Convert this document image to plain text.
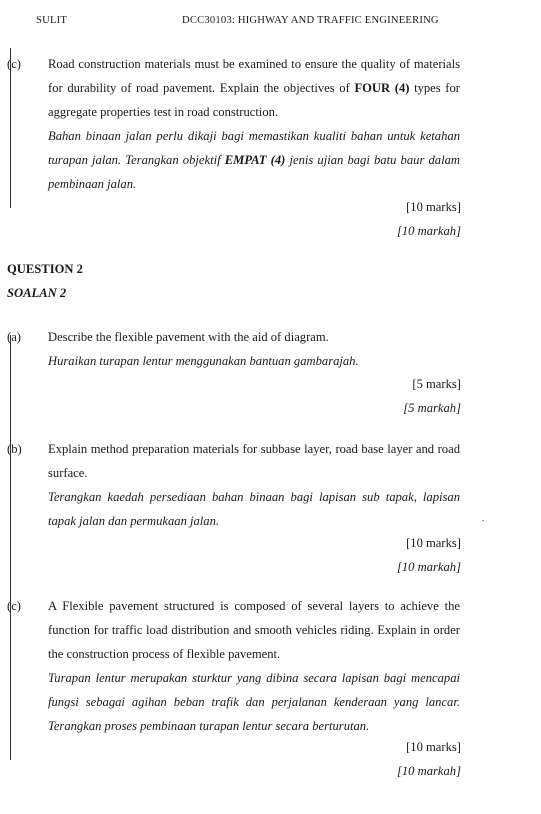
SULIT	DCC30103: HIGHWAY AND TRAFFIC ENGINEERING
(c) Road construction materials must be examined to ensure the quality of materials for durability of road pavement. Explain the objectives of FOUR (4) types for aggregate properties test in road construction.
Bahan binaan jalan perlu dikaji bagi memastikan kualiti bahan untuk ketahan turapan jalan. Terangkan objektif EMPAT (4) jenis ujian bagi batu baur dalam pembinaan jalan.
[10 marks]
[10 markah]
QUESTION 2
SOALAN 2
(a) Describe the flexible pavement with the aid of diagram.
Huraikan turapan lentur menggunakan bantuan gambarajah.
[5 marks]
[5 markah]
(b) Explain method preparation materials for subbase layer, road base layer and road surface.
Terangkan kaedah persediaan bahan binaan bagi lapisan sub tapak, lapisan tapak jalan dan permukaan jalan.
[10 marks]
[10 markah]
(c) A Flexible pavement structured is composed of several layers to achieve the function for traffic load distribution and smooth vehicles riding. Explain in order the construction process of flexible pavement.
Turapan lentur merupakan sturktur yang dibina secara lapisan bagi mencapai fungsi sebagai agihan beban trafik dan perjalanan kenderaan yang lancar. Terangkan proses pembinaan turapan lentur secara berturutan.
[10 marks]
[10 markah]
